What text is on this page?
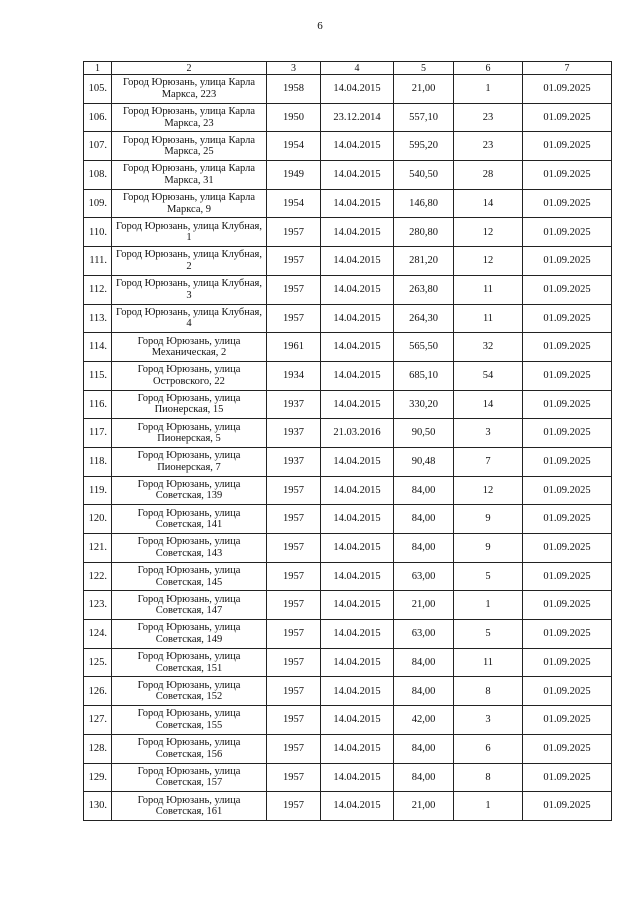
6
1	2	3	4	5	6	7
105.	Город Юрюзань, улица Карла Маркса, 223	1958	14.04.2015	21,00	1	01.09.2025
106.	Город Юрюзань, улица Карла Маркса, 23	1950	23.12.2014	557,10	23	01.09.2025
107.	Город Юрюзань, улица Карла Маркса, 25	1954	14.04.2015	595,20	23	01.09.2025
108.	Город Юрюзань, улица Карла Маркса, 31	1949	14.04.2015	540,50	28	01.09.2025
109.	Город Юрюзань, улица Карла Маркса, 9	1954	14.04.2015	146,80	14	01.09.2025
110.	Город Юрюзань, улица Клубная, 1	1957	14.04.2015	280,80	12	01.09.2025
111.	Город Юрюзань, улица Клубная, 2	1957	14.04.2015	281,20	12	01.09.2025
112.	Город Юрюзань, улица Клубная, 3	1957	14.04.2015	263,80	11	01.09.2025
113.	Город Юрюзань, улица Клубная, 4	1957	14.04.2015	264,30	11	01.09.2025
114.	Город Юрюзань, улица Механическая, 2	1961	14.04.2015	565,50	32	01.09.2025
115.	Город Юрюзань, улица Островского, 22	1934	14.04.2015	685,10	54	01.09.2025
116.	Город Юрюзань, улица Пионерская, 15	1937	14.04.2015	330,20	14	01.09.2025
117.	Город Юрюзань, улица Пионерская, 5	1937	21.03.2016	90,50	3	01.09.2025
118.	Город Юрюзань, улица Пионерская, 7	1937	14.04.2015	90,48	7	01.09.2025
119.	Город Юрюзань, улица Советская, 139	1957	14.04.2015	84,00	12	01.09.2025
120.	Город Юрюзань, улица Советская, 141	1957	14.04.2015	84,00	9	01.09.2025
121.	Город Юрюзань, улица Советская, 143	1957	14.04.2015	84,00	9	01.09.2025
122.	Город Юрюзань, улица Советская, 145	1957	14.04.2015	63,00	5	01.09.2025
123.	Город Юрюзань, улица Советская, 147	1957	14.04.2015	21,00	1	01.09.2025
124.	Город Юрюзань, улица Советская, 149	1957	14.04.2015	63,00	5	01.09.2025
125.	Город Юрюзань, улица Советская, 151	1957	14.04.2015	84,00	11	01.09.2025
126.	Город Юрюзань, улица Советская, 152	1957	14.04.2015	84,00	8	01.09.2025
127.	Город Юрюзань, улица Советская, 155	1957	14.04.2015	42,00	3	01.09.2025
128.	Город Юрюзань, улица Советская, 156	1957	14.04.2015	84,00	6	01.09.2025
129.	Город Юрюзань, улица Советская, 157	1957	14.04.2015	84,00	8	01.09.2025
130.	Город Юрюзань, улица Советская, 161	1957	14.04.2015	21,00	1	01.09.2025
